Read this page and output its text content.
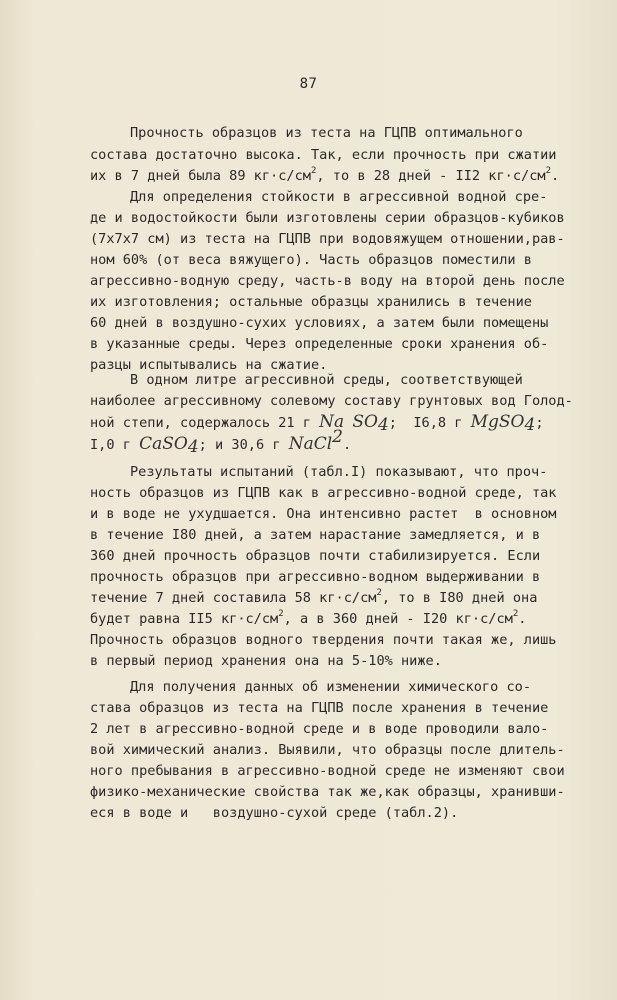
87
Прочность образцов из теста на ГЦПВ оптимального
состава достаточно высока. Так, если прочность при сжатии
их в 7 дней была 89 $кг\cdot с/см^2$, то в 28 дней - II2 $кг\cdot с/см^2$.
Для определения стойкости в агрессивной водной сре-
де и водостойкости были изготовлены серии образцов-кубиков
(7x7x7 см) из теста на ГЦПВ при водовяжущем отношении,рав-
ном 60% (от веса вяжущего). Часть образцов поместили в
агрессивно-водную среду, часть-в воду на второй день после
их изготовления; остальные образцы хранились в течение
60 дней в воздушно-сухих условиях, а затем были помещены
в указанные среды. Через определенные сроки хранения об-
разцы испытывались на сжатие.
В одном литре агрессивной среды, соответствующей
наиболее агрессивному солевому составу грунтовых вод Голод-
ной степи, содержалось 21 г Na $SO_4$;  I6,8 г MgSO$_4$;
I,0 г CaSO$_4$; и 30,6 г NaCl$^2$.
Результаты испытаний (табл.I) показывают, что проч-
ность образцов из ГЦПВ как в агрессивно-водной среде, так
и в воде не ухудшается. Она интенсивно растет  в основном
в течение I80 дней, а затем нарастание замедляется, и в
360 дней прочность образцов почти стабилизируется. Если
прочность образцов при агрессивно-водном выдерживании в
течение 7 дней составила 58 $кг\cdot с/см^2$, то в I80 дней она
будет равна II5 $кг\cdot с/см^2$, а в 360 дней - I20 $кг\cdot с/см^2$.
Прочность образцов водного твердения почти такая же, лишь
в первый период хранения она на 5-10% ниже.
Для получения данных об изменении химического со-
става образцов из теста на ГЦПВ после хранения в течение
2 лет в агрессивно-водной среде и в воде проводили вало-
вой химический анализ. Выявили, что образцы после длитель-
ного пребывания в агрессивно-водной среде не изменяют свои
физико-механические свойства так же,как образцы, хранивши-
еся в воде и   воздушно-сухой среде (табл.2).
